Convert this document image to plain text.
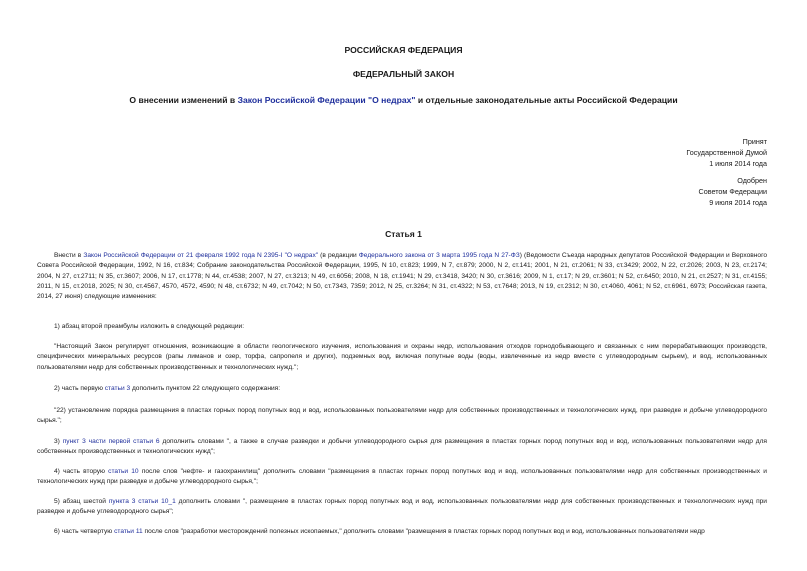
РОССИЙСКАЯ ФЕДЕРАЦИЯ
ФЕДЕРАЛЬНЫЙ ЗАКОН
О внесении изменений в Закон Российской Федерации "О недрах" и отдельные законодательные акты Российской Федерации
Принят
Государственной Думой
1 июля 2014 года
Одобрен
Советом Федерации
9 июля 2014 года
Статья 1
Внести в Закон Российской Федерации от 21 февраля 1992 года N 2395-I "О недрах" (в редакции Федерального закона от 3 марта 1995 года N 27-ФЗ) (Ведомости Съезда народных депутатов Российской Федерации и Верховного Совета Российской Федерации, 1992, N 16, ст.834; Собрание законодательства Российской Федерации, 1995, N 10, ст.823; 1999, N 7, ст.879; 2000, N 2, ст.141; 2001, N 21, ст.2061; N 33, ст.3429; 2002, N 22, ст.2026; 2003, N 23, ст.2174; 2004, N 27, ст.2711; N 35, ст.3607; 2006, N 17, ст.1778; N 44, ст.4538; 2007, N 27, ст.3213; N 49, ст.6056; 2008, N 18, ст.1941; N 29, ст.3418, 3420; N 30, ст.3616; 2009, N 1, ст.17; N 29, ст.3601; N 52, ст.6450; 2010, N 21, ст.2527; N 31, ст.4155; 2011, N 15, ст.2018, 2025; N 30, ст.4567, 4570, 4572, 4590; N 48, ст.6732; N 49, ст.7042; N 50, ст.7343, 7359; 2012, N 25, ст.3264; N 31, ст.4322; N 53, ст.7648; 2013, N 19, ст.2312; N 30, ст.4060, 4061; N 52, ст.6961, 6973; Российская газета, 2014, 27 июня) следующие изменения:
1) абзац второй преамбулы изложить в следующей редакции:
"Настоящий Закон регулирует отношения, возникающие в области геологического изучения, использования и охраны недр, использования отходов горнодобывающего и связанных с ним перерабатывающих производств, специфических минеральных ресурсов (рапы лиманов и озер, торфа, сапропеля и других), подземных вод, включая попутные воды (воды, извлеченные из недр вместе с углеводородным сырьем), и вод, использованных пользователями недр для собственных производственных и технологических нужд.";
2) часть первую статьи 3 дополнить пунктом 22 следующего содержания:
"22) установление порядка размещения в пластах горных пород попутных вод и вод, использованных пользователями недр для собственных производственных и технологических нужд, при разведке и добыче углеводородного сырья.";
3) пункт 3 части первой статьи 6 дополнить словами ", а также в случае разведки и добычи углеводородного сырья для размещения в пластах горных пород попутных вод и вод, использованных пользователями недр для собственных производственных и технологических нужд";
4) часть вторую статьи 10 после слов "нефте- и газохранилищ" дополнить словами "размещения в пластах горных пород попутных вод и вод, использованных пользователями недр для собственных производственных и технологических нужд при разведке и добыче углеводородного сырья,";
5) абзац шестой пункта 3 статьи 10_1 дополнить словами ", размещение в пластах горных пород попутных вод и вод, использованных пользователями недр для собственных производственных и технологических нужд при разведке и добыче углеводородного сырья";
6) часть четвертую статьи 11 после слов "разработки месторождений полезных ископаемых," дополнить словами "размещения в пластах горных пород попутных вод и вод, использованных пользователями недр
